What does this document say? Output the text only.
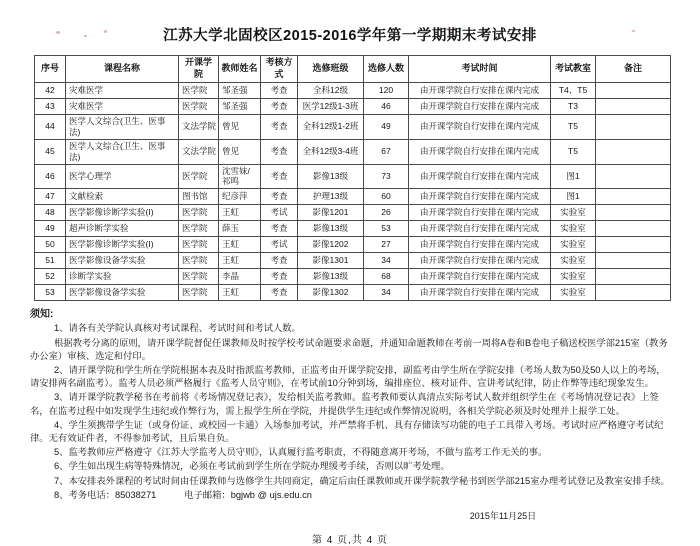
江苏大学北固校区2015-2016学年第一学期期末考试安排
序号	课程名称	开课学院	教师姓名	考核方式	选修班级	选修人数	考试时间	考试教室	备注
42	灾难医学	医学院	邹圣强	考查	全科12级	120	由开课学院自行安排在课内完成	T4、T5	
43	灾难医学	医学院	邹圣强	考查	医学12级1-3班	46	由开课学院自行安排在课内完成	T3	
44	医学人文综合(卫生、医事法)	文法学院	曾见	考查	全科12级1-2班	49	由开课学院自行安排在课内完成	T5	
45	医学人文综合(卫生、医事法)	文法学院	曾见	考查	全科12级3-4班	67	由开课学院自行安排在课内完成	T5	
46	医学心理学	医学院	沈雪妹/祁鸣	考查	影像13级	73	由开课学院自行安排在课内完成	图1	
47	文献检索	图书馆	纪彦萍	考查	护理13级	60	由开课学院自行安排在课内完成	图1	
48	医学影像诊断学实验(I)	医学院	王虹	考试	影像1201	26	由开课学院自行安排在课内完成	实验室	
49	超声诊断学实验	医学院	薛玉	考查	影像13级	53	由开课学院自行安排在课内完成	实验室	
50	医学影像诊断学实验(I)	医学院	王虹	考试	影像1202	27	由开课学院自行安排在课内完成	实验室	
51	医学影像设备学实验	医学院	王虹	考查	影像1301	34	由开课学院自行安排在课内完成	实验室	
52	诊断学实验	医学院	李晶	考查	影像13级	68	由开课学院自行安排在课内完成	实验室	
53	医学影像设备学实验	医学院	王虹	考查	影像1302	34	由开课学院自行安排在课内完成	实验室	

须知:

1、请各有关学院认真核对考试课程、考试时间和考试人数。

根据教考分离的原则，请开课学院督促任课教师及时按学校考试命题要求命题，并通知命题教师在考前一周将A卷和B卷电子稿送校医学部215室（教务办公室）审核、选定和付印。

2、请开课学院和学生所在学院根据本表及时指派监考教师，正监考由开课学院安排，副监考由学生所在学院安排（考场人数为50及50人以上的考场，请安排两名副监考）。监考人员必须严格履行《监考人员守则》，在考试前10分钟到场，编排座位、核对证件、宣讲考试纪律，防止作弊等违纪现象发生。

3、请开课学院教学秘书在考前将《考场情况登记表》，发给相关监考教师。监考教师要认真清点实际考试人数并组织学生在《考场情况登记表》上签名，在监考过程中如发现学生违纪或作弊行为，需上报学生所在学院，并提供学生违纪或作弊情况说明，各相关学院必须及时处理并上报学工处。

4、学生须携带学生证（或身份证、或校园一卡通）入场参加考试，并严禁将手机、具有存储读写功能的电子工具带入考场。考试时应严格遵守考试纪律。无有效证件者，不得参加考试，且后果自负。

5、监考教师应严格遵守《江苏大学监考人员守则》，认真履行监考职责，不得随意离开考场，不做与监考工作无关的事。

6、学生如出现生病等特殊情况，必须在考试前到学生所在学院办理缓考手续，否则以旷考处理。

7、本安排表外课程的考试时间由任课教师与选修学生共同商定，确定后由任课教师或开课学院教学秘书到医学部215室办理考试登记及教室安排手续。

8、考务电话：85038271　　　电子邮箱：bgjwb @ ujs.edu.cn

2015年11月25日
第 4 页,共 4 页
